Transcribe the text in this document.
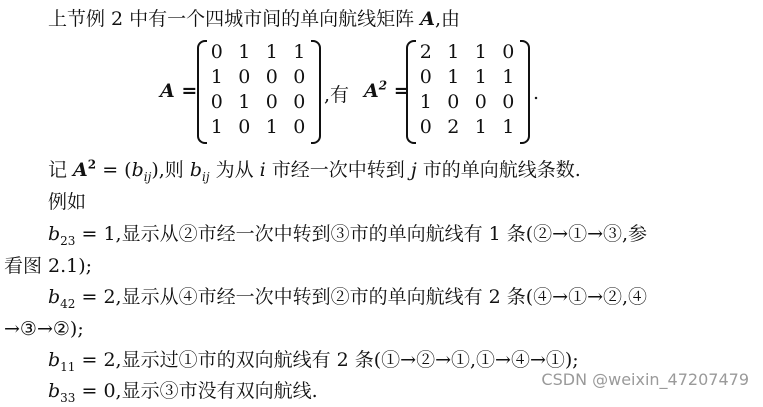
上节例 2 中有一个四城市间的单向航线矩阵 A,由
A =
0 1 1 1
1 0 0 0
0 1 0 0
1 0 1 0
,有 $A^2$ =
2 1 1 0
0 1 1 1
1 0 0 0
0 2 1 1
.
记 $A^2 = (b_{ij})$,则 $b_{ij}$ 为从 i 市经一次中转到 j 市的单向航线条数.
例如
$b_{23} = 1$,显示从②市经一次中转到③市的单向航线有 1 条(②→①→③,参
看图 2.1);
$b_{42} = 2$,显示从④市经一次中转到②市的单向航线有 2 条(④→①→②,④
→③→②);
$b_{11} = 2$,显示过①市的双向航线有 2 条(①→②→①,①→④→①);
$b_{33} = 0$,显示③市没有双向航线.
CSDN @weixin_47207479
